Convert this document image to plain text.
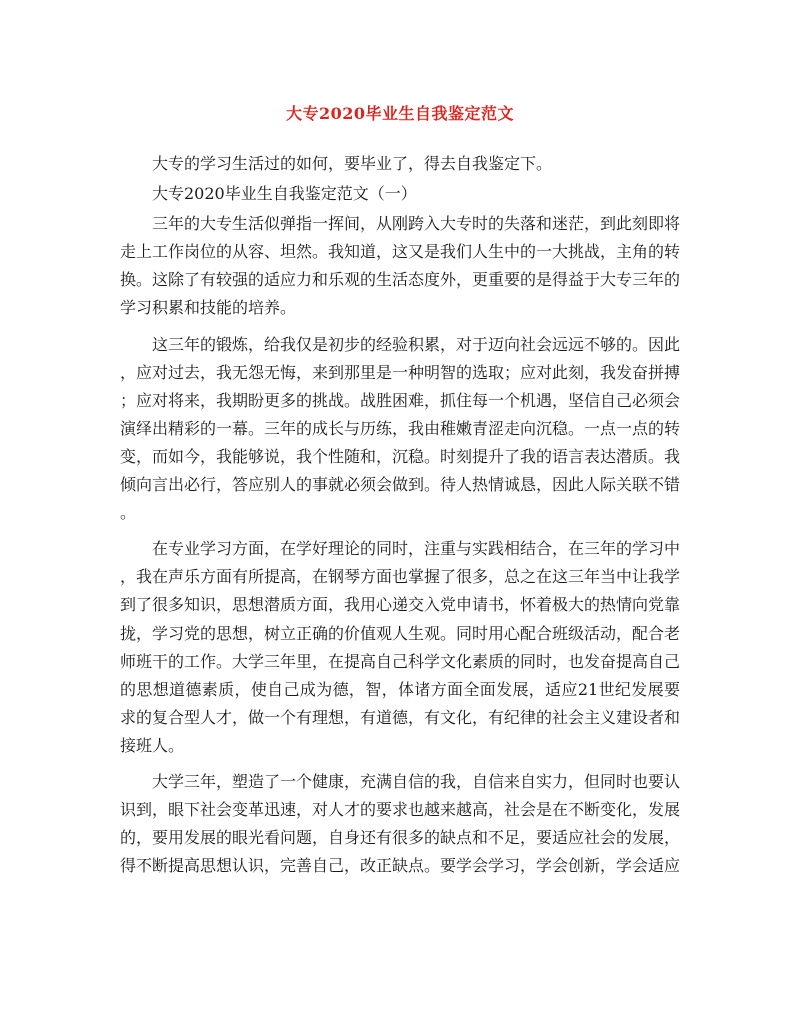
大专2020毕业生自我鉴定范文

大专的学习生活过的如何，要毕业了，得去自我鉴定下。

大专2020毕业生自我鉴定范文（一）

三年的大专生活似弹指一挥间，从刚跨入大专时的失落和迷茫，到此刻即将走上工作岗位的从容、坦然。我知道，这又是我们人生中的一大挑战，主角的转换。这除了有较强的适应力和乐观的生活态度外，更重要的是得益于大专三年的学习积累和技能的培养。

这三年的锻炼，给我仅是初步的经验积累，对于迈向社会远远不够的。因此
，应对过去，我无怨无悔，来到那里是一种明智的选取；应对此刻，我发奋拼搏
；应对将来，我期盼更多的挑战。战胜困难，抓住每一个机遇，坚信自己必须会演绎出精彩的一幕。三年的成长与历练，我由稚嫩青涩走向沉稳。一点一点的转变，而如今，我能够说，我个性随和，沉稳。时刻提升了我的语言表达潜质。我倾向言出必行，答应别人的事就必须会做到。待人热情诚恳，因此人际关联不错
。

在专业学习方面，在学好理论的同时，注重与实践相结合，在三年的学习中
，我在声乐方面有所提高，在钢琴方面也掌握了很多，总之在这三年当中让我学到了很多知识，思想潜质方面，我用心递交入党申请书，怀着极大的热情向党靠拢，学习党的思想，树立正确的价值观人生观。同时用心配合班级活动，配合老师班干的工作。大学三年里，在提高自己科学文化素质的同时，也发奋提高自己的思想道德素质，使自己成为德，智，体诸方面全面发展，适应21世纪发展要求的复合型人才，做一个有理想，有道德，有文化，有纪律的社会主义建设者和接班人。

大学三年，塑造了一个健康，充满自信的我，自信来自实力，但同时也要认识到，眼下社会变革迅速，对人才的要求也越来越高，社会是在不断变化，发展的，要用发展的眼光看问题，自身还有很多的缺点和不足，要适应社会的发展，得不断提高思想认识，完善自己，改正缺点。要学会学习，学会创新，学会适应
